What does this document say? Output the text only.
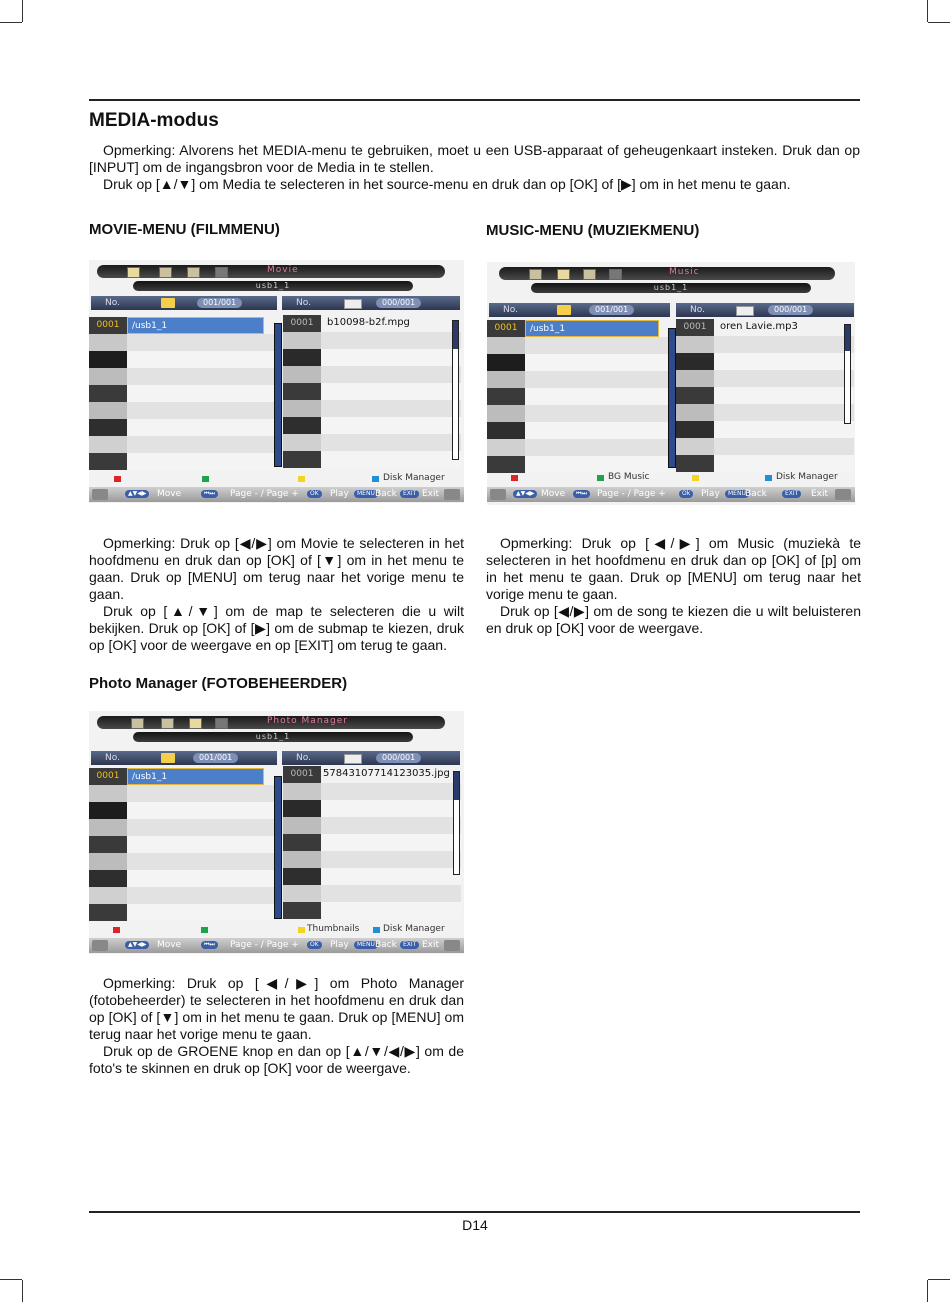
MEDIA-modus

Opmerking: Alvorens het MEDIA-menu te gebruiken, moet u een USB-apparaat of geheugenkaart insteken. Druk dan op [INPUT] om de ingangsbron voor de Media in te stellen.

Druk op [▲/▼] om Media te selecteren in het source-menu en druk dan op [OK] of [▶] om in het menu te gaan.

MOVIE-MENU (FILMMENU)	MUSIC-MENU (MUZIEKMENU)
Photo Manager (FOTOBEHEERDER)
Movie
usb1_1
No.	001/001	No.	000/001
0001	/usb1_1	0001	b10098-b2f.mpg
Disk Manager
▲▼◀▶	Move	⏮⏭	Page - / Page +	OK	Play	MENU Back	EXIT Exit
Music
usb1_1
No.	001/001	No.	000/001
0001	/usb1_1	0001	oren Lavie.mp3
BG Music	Disk Manager
▲▼◀▶ Move	⏮⏭	Page - / Page +	Ok	Play	MENU Back	EXIT	Exit
Photo Manager
usb1_1
No.	001/001	No.	000/001
0001	/usb1_1	0001 57843107714123035.jpg
Thumbnails	Disk Manager
▲▼◀▶	Move	⏮⏭	Page - / Page +	OK	Play	MENU Back	EXIT Exit

Opmerking: Druk op [◀/▶] om Movie te selecteren in het hoofdmenu en druk dan op [OK] of [▼] om in het menu te gaan. Druk op [MENU] om terug naar het vorige menu te gaan.

Druk op [▲/▼] om de map te selecteren die u wilt bekijken. Druk op [OK] of [▶] om de submap te kiezen, druk op [OK] voor de weergave en op [EXIT] om terug te gaan.

Opmerking: Druk op [◀/▶] om Music (muziekà te selecteren in het hoofdmenu en druk dan op [OK] of [p] om in het menu te gaan. Druk op [MENU] om terug naar het vorige menu te gaan.

Druk op [◀/▶] om de song te kiezen die u wilt beluisteren en druk op [OK] voor de weergave.

Opmerking: Druk op [◀/▶] om Photo Manager (fotobeheerder) te selecteren in het hoofdmenu en druk dan op [OK] of [▼] om in het menu te gaan. Druk op [MENU] om terug naar het vorige menu te gaan.

Druk op de GROENE knop en dan op [▲/▼/◀/▶] om de foto's te skinnen en druk op [OK] voor de weergave.

D14
